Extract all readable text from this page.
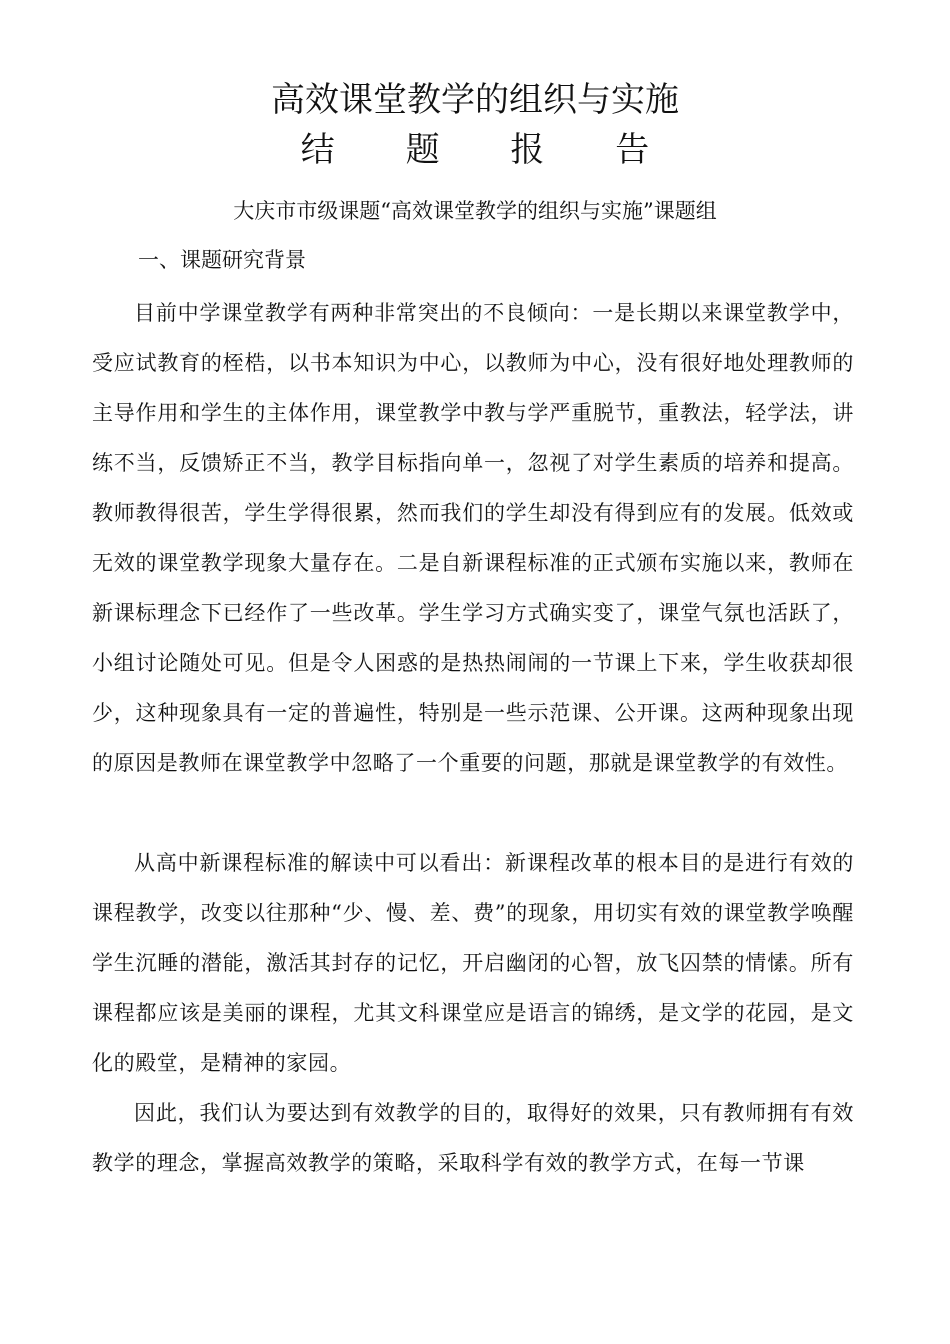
高效课堂教学的组织与实施
结 题 报 告

大庆市市级课题“高效课堂教学的组织与实施”课题组

一、课题研究背景

目前中学课堂教学有两种非常突出的不良倾向：一是长期以来课堂教学中，受应试教育的桎梏，以书本知识为中心，以教师为中心，没有很好地处理教师的主导作用和学生的主体作用，课堂教学中教与学严重脱节，重教法，轻学法，讲练不当，反馈矫正不当，教学目标指向单一，忽视了对学生素质的培养和提高。教师教得很苦，学生学得很累，然而我们的学生却没有得到应有的发展。低效或无效的课堂教学现象大量存在。二是自新课程标准的正式颁布实施以来，教师在新课标理念下已经作了一些改革。学生学习方式确实变了，课堂气氛也活跃了，小组讨论随处可见。但是令人困惑的是热热闹闹的一节课上下来，学生收获却很少，这种现象具有一定的普遍性，特别是一些示范课、公开课。这两种现象出现的原因是教师在课堂教学中忽略了一个重要的问题，那就是课堂教学的有效性。

从高中新课程标准的解读中可以看出：新课程改革的根本目的是进行有效的课程教学，改变以往那种“少、慢、差、费”的现象，用切实有效的课堂教学唤醒学生沉睡的潜能，激活其封存的记忆，开启幽闭的心智，放飞囚禁的情愫。所有课程都应该是美丽的课程，尤其文科课堂应是语言的锦绣，是文学的花园，是文化的殿堂，是精神的家园。

因此，我们认为要达到有效教学的目的，取得好的效果，只有教师拥有有效教学的理念，掌握高效教学的策略，采取科学有效的教学方式，在每一节课
